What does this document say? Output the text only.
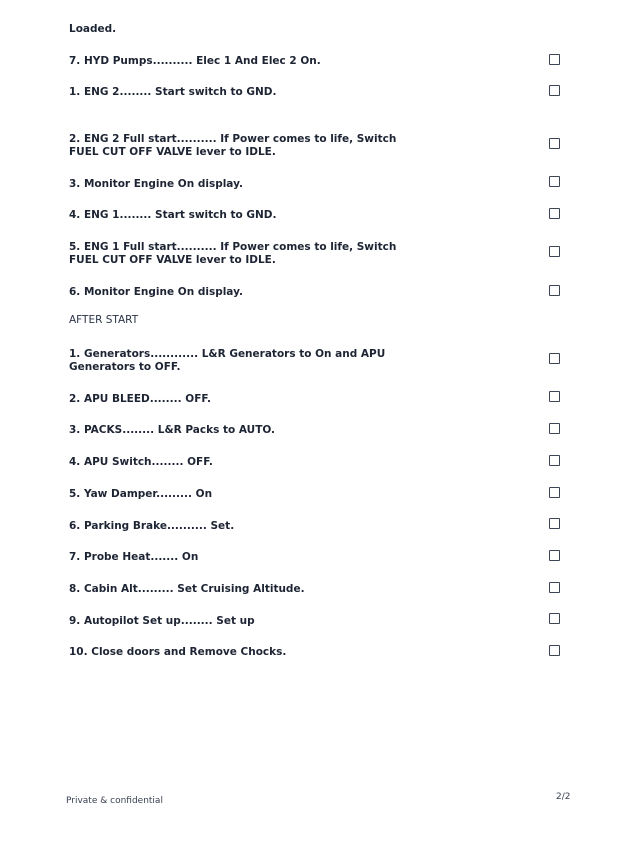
Loaded.
7. HYD Pumps.......... Elec 1 And Elec 2 On.
1. ENG 2........ Start switch to GND.
2. ENG 2 Full start.......... If Power comes to life, Switch FUEL CUT OFF VALVE lever to IDLE.
3. Monitor Engine On display.
4. ENG 1........ Start switch to GND.
5. ENG 1 Full start.......... If Power comes to life, Switch FUEL CUT OFF VALVE lever to IDLE.
6. Monitor Engine On display.
AFTER START
1. Generators............ L&R Generators to On and APU Generators to OFF.
2. APU BLEED........ OFF.
3. PACKS........ L&R Packs to AUTO.
4. APU Switch........ OFF.
5. Yaw Damper......... On
6. Parking Brake.......... Set.
7. Probe Heat....... On
8. Cabin Alt......... Set Cruising Altitude.
9. Autopilot Set up........ Set up
10. Close doors and Remove Chocks.
Private & confidential	2/2
